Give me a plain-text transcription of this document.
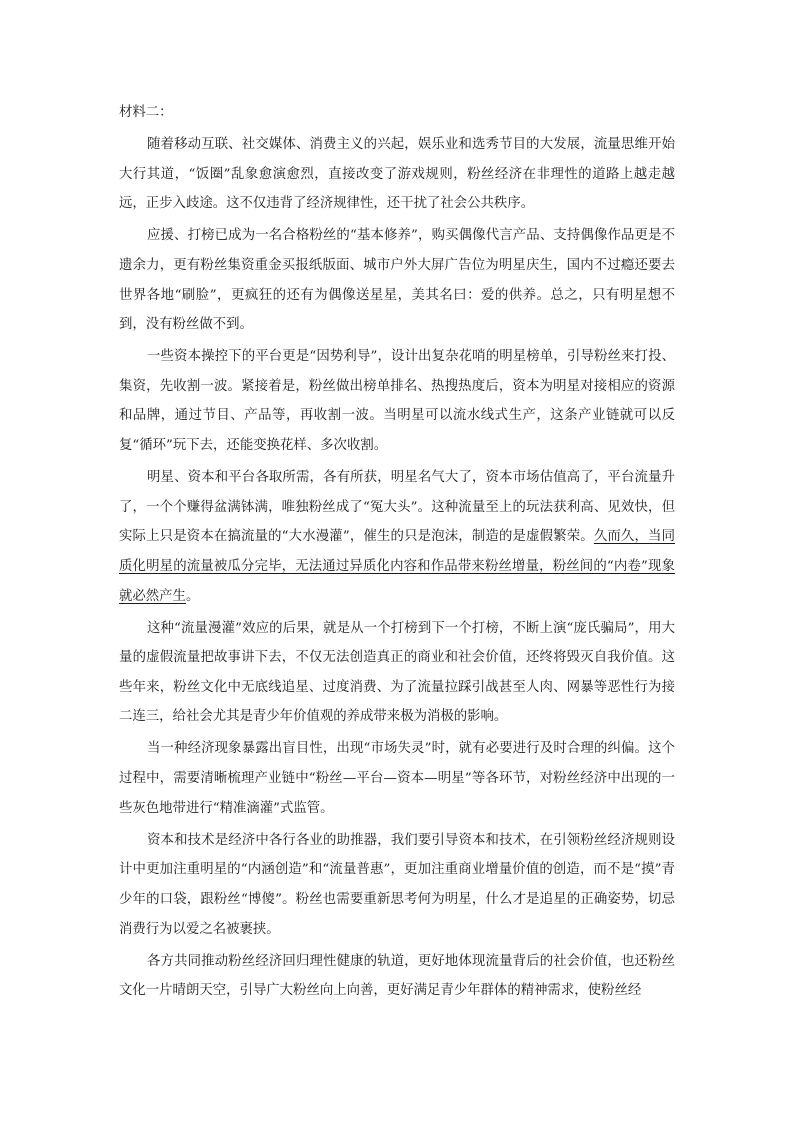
材料二：

随着移动互联、社交媒体、消费主义的兴起，娱乐业和选秀节目的大发展，流量思维开始大行其道，“饭圈”乱象愈演愈烈，直接改变了游戏规则，粉丝经济在非理性的道路上越走越远，正步入歧途。这不仅违背了经济规律性，还干扰了社会公共秩序。

应援、打榜已成为一名合格粉丝的“基本修养”，购买偶像代言产品、支持偶像作品更是不遗余力，更有粉丝集资重金买报纸版面、城市户外大屏广告位为明星庆生，国内不过瘾还要去世界各地“刷脸”，更疯狂的还有为偶像送星星，美其名曰：爱的供养。总之，只有明星想不到，没有粉丝做不到。

一些资本操控下的平台更是“因势利导”，设计出复杂花哨的明星榜单，引导粉丝来打投、集资，先收割一波。紧接着是，粉丝做出榜单排名、热搜热度后，资本为明星对接相应的资源和品牌，通过节目、产品等，再收割一波。当明星可以流水线式生产，这条产业链就可以反复“循环”玩下去，还能变换花样、多次收割。

明星、资本和平台各取所需，各有所获，明星名气大了，资本市场估值高了，平台流量升了，一个个赚得盆满钵满，唯独粉丝成了“冤大头”。这种流量至上的玩法获利高、见效快，但实际上只是资本在搞流量的“大水漫灌”，催生的只是泡沫，制造的是虚假繁荣。久而久，当同质化明星的流量被瓜分完毕，无法通过异质化内容和作品带来粉丝增量，粉丝间的“内卷”现象就必然产生。

这种“流量漫灌”效应的后果，就是从一个打榜到下一个打榜，不断上演“庞氏骗局”，用大量的虚假流量把故事讲下去，不仅无法创造真正的商业和社会价值，还终将毁灭自我价值。这些年来，粉丝文化中无底线追星、过度消费、为了流量拉踩引战甚至人肉、网暴等恶性行为接二连三，给社会尤其是青少年价值观的养成带来极为消极的影响。

当一种经济现象暴露出盲目性，出现“市场失灵”时，就有必要进行及时合理的纠偏。这个过程中，需要清晰梳理产业链中“粉丝—平台—资本—明星”等各环节，对粉丝经济中出现的一些灰色地带进行“精准滴灌”式监管。

资本和技术是经济中各行各业的助推器，我们要引导资本和技术，在引领粉丝经济规则设计中更加注重明星的“内涵创造”和“流量普惠”，更加注重商业增量价值的创造，而不是“摸”青少年的口袋，跟粉丝“博傻”。粉丝也需要重新思考何为明星，什么才是追星的正确姿势，切忌消费行为以爱之名被裹挟。

各方共同推动粉丝经济回归理性健康的轨道，更好地体现流量背后的社会价值，也还粉丝文化一片晴朗天空，引导广大粉丝向上向善，更好满足青少年群体的精神需求，使粉丝经
